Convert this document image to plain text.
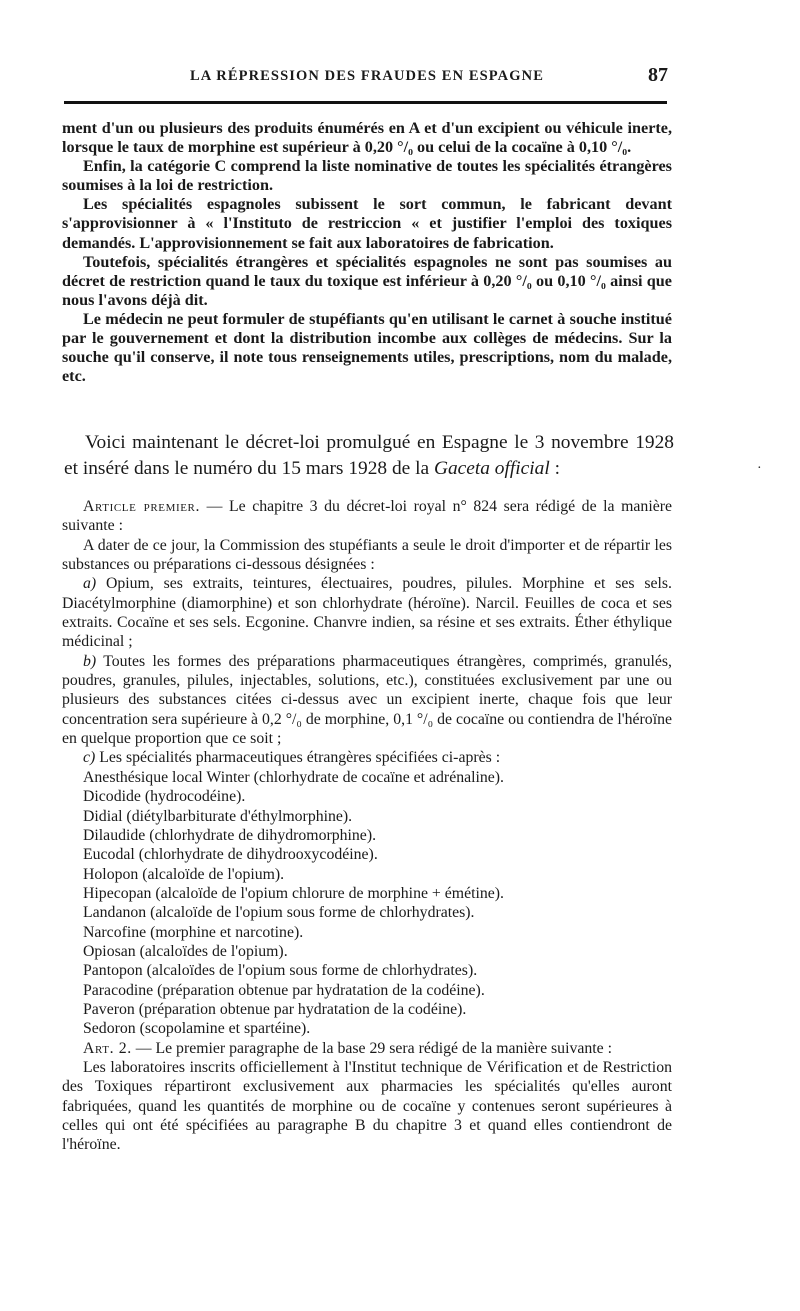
LA RÉPRESSION DES FRAUDES EN ESPAGNE	87

ment d'un ou plusieurs des produits énumérés en A et d'un excipient ou véhicule inerte, lorsque le taux de morphine est supérieur à 0,20 °/₀ ou celui de la cocaïne à 0,10 °/₀.

Enfin, la catégorie C comprend la liste nominative de toutes les spécialités étrangères soumises à la loi de restriction.

Les spécialités espagnoles subissent le sort commun, le fabricant devant s'approvisionner à « l'Instituto de restriccion « et justifier l'emploi des toxiques demandés. L'approvisionnement se fait aux laboratoires de fabrication.

Toutefois, spécialités étrangères et spécialités espagnoles ne sont pas soumises au décret de restriction quand le taux du toxique est inférieur à 0,20 °/₀ ou 0,10 °/₀ ainsi que nous l'avons déjà dit.

Le médecin ne peut formuler de stupéfiants qu'en utilisant le carnet à souche institué par le gouvernement et dont la distribution incombe aux collèges de médecins. Sur la souche qu'il conserve, il note tous renseignements utiles, prescriptions, nom du malade, etc.

Voici maintenant le décret-loi promulgué en Espagne le 3 novembre 1928 et inséré dans le numéro du 15 mars 1928 de la Gaceta official :	·

Article premier. — Le chapitre 3 du décret-loi royal n° 824 sera rédigé de la manière suivante :

A dater de ce jour, la Commission des stupéfiants a seule le droit d'importer et de répartir les substances ou préparations ci-dessous désignées :

a) Opium, ses extraits, teintures, électuaires, poudres, pilules. Morphine et ses sels. Diacétylmorphine (diamorphine) et son chlorhydrate (héroïne). Narcil. Feuilles de coca et ses extraits. Cocaïne et ses sels. Ecgonine. Chanvre indien, sa résine et ses extraits. Éther éthylique médicinal ;

b) Toutes les formes des préparations pharmaceutiques étrangères, comprimés, granulés, poudres, granules, pilules, injectables, solutions, etc.), constituées exclusivement par une ou plusieurs des substances citées ci-dessus avec un excipient inerte, chaque fois que leur concentration sera supérieure à 0,2 °/₀ de morphine, 0,1 °/₀ de cocaïne ou contiendra de l'héroïne en quelque proportion que ce soit ;

c) Les spécialités pharmaceutiques étrangères spécifiées ci-après :

Anesthésique local Winter (chlorhydrate de cocaïne et adrénaline).

Dicodide (hydrocodéine).

Didial (diétylbarbiturate d'éthylmorphine).

Dilaudide (chlorhydrate de dihydromorphine).

Eucodal (chlorhydrate de dihydrooxycodéine).

Holopon (alcaloïde de l'opium).

Hipecopan (alcaloïde de l'opium chlorure de morphine + émétine).

Landanon (alcaloïde de l'opium sous forme de chlorhydrates).

Narcofine (morphine et narcotine).

Opiosan (alcaloïdes de l'opium).

Pantopon (alcaloïdes de l'opium sous forme de chlorhydrates).

Paracodine (préparation obtenue par hydratation de la codéine).

Paveron (préparation obtenue par hydratation de la codéine).

Sedoron (scopolamine et spartéine).

Art. 2. — Le premier paragraphe de la base 29 sera rédigé de la manière suivante :

Les laboratoires inscrits officiellement à l'Institut technique de Vérification et de Restriction des Toxiques répartiront exclusivement aux pharmacies les spécialités qu'elles auront fabriquées, quand les quantités de morphine ou de cocaïne y contenues seront supérieures à celles qui ont été spécifiées au paragraphe B du chapitre 3 et quand elles contiendront de l'héroïne.
